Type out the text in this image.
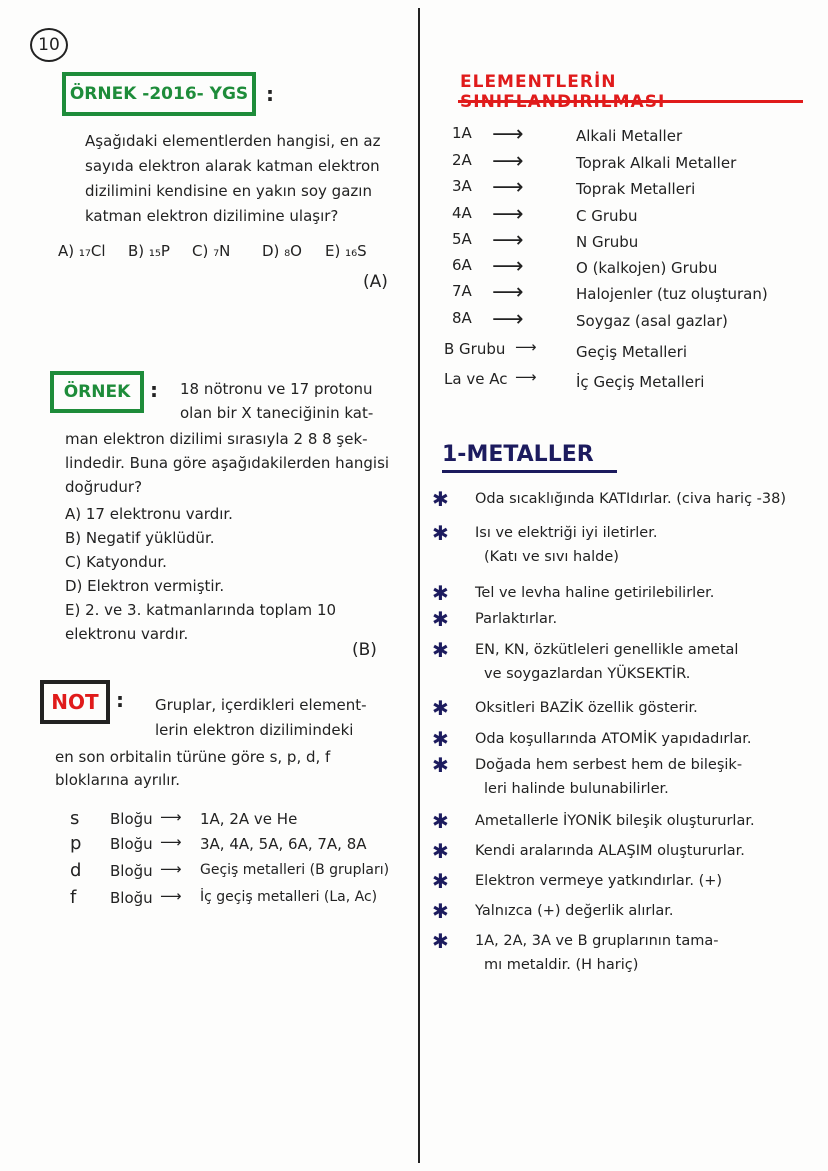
10
ÖRNEK -2016- YGS :
Aşağıdaki elementlerden hangisi, en az
sayıda elektron alarak katman elektron
dizilimini kendisine en yakın soy gazın
katman elektron dizilimine ulaşır?
A) ₁₇Cl B) ₁₅P C) ₇N D) ₈O E) ₁₆S
(A)
ÖRNEK : 18 nötronu ve 17 protonu
olan bir X taneciğinin kat-
man elektron dizilimi sırasıyla 2 8 8 şek-
lindedir. Buna göre aşağıdakilerden hangisi
doğrudur?
A) 17 elektronu vardır.
B) Negatif yüklüdür.
C) Katyondur.
D) Elektron vermiştir.
E) 2. ve 3. katmanlarında toplam 10
elektronu vardır.
(B)
NOT : Gruplar, içerdikleri element-
lerin elektron dizilimindeki
en son orbitalin türüne göre s, p, d, f
bloklarına ayrılır.
s Bloğu ⟶ 1A, 2A ve He
p Bloğu ⟶ 3A, 4A, 5A, 6A, 7A, 8A
d Bloğu ⟶ Geçiş metalleri (B grupları)
f Bloğu ⟶ İç geçiş metalleri (La, Ac)
ELEMENTLERİN
1A ⟶	Alkali Metaller
2A ⟶	Toprak Alkali Metaller
3A ⟶	Toprak Metalleri
4A ⟶	C Grubu
5A ⟶	N Grubu
6A ⟶	O (kalkojen) Grubu
7A ⟶	Halojenler (tuz oluşturan)
8A ⟶	Soygaz (asal gazlar)
B Grubu ⟶	Geçiş Metalleri
La ve Ac ⟶	İç Geçiş Metalleri
1-METALLER
✱ Oda sıcaklığında KATIdırlar. (civa hariç -38)
✱ Isı ve elektriği iyi iletirler.
(Katı ve sıvı halde)
✱ Tel ve levha haline getirilebilirler.
✱ Parlaktırlar.
✱ EN, KN, özkütleleri genellikle ametal
ve soygazlardan YÜKSEKTİR.
✱ Oksitleri BAZİK özellik gösterir.
✱ Oda koşullarında ATOMİK yapıdadırlar.
✱ Doğada hem serbest hem de bileşik-
leri halinde bulunabilirler.
✱ Ametallerle İYONİK bileşik oluştururlar.
✱ Kendi aralarında ALAŞIM oluştururlar.
✱ Elektron vermeye yatkındırlar. (+)
✱ Yalnızca (+) değerlik alırlar.
✱ 1A, 2A, 3A ve B gruplarının tama-
mı metaldir. (H hariç)
